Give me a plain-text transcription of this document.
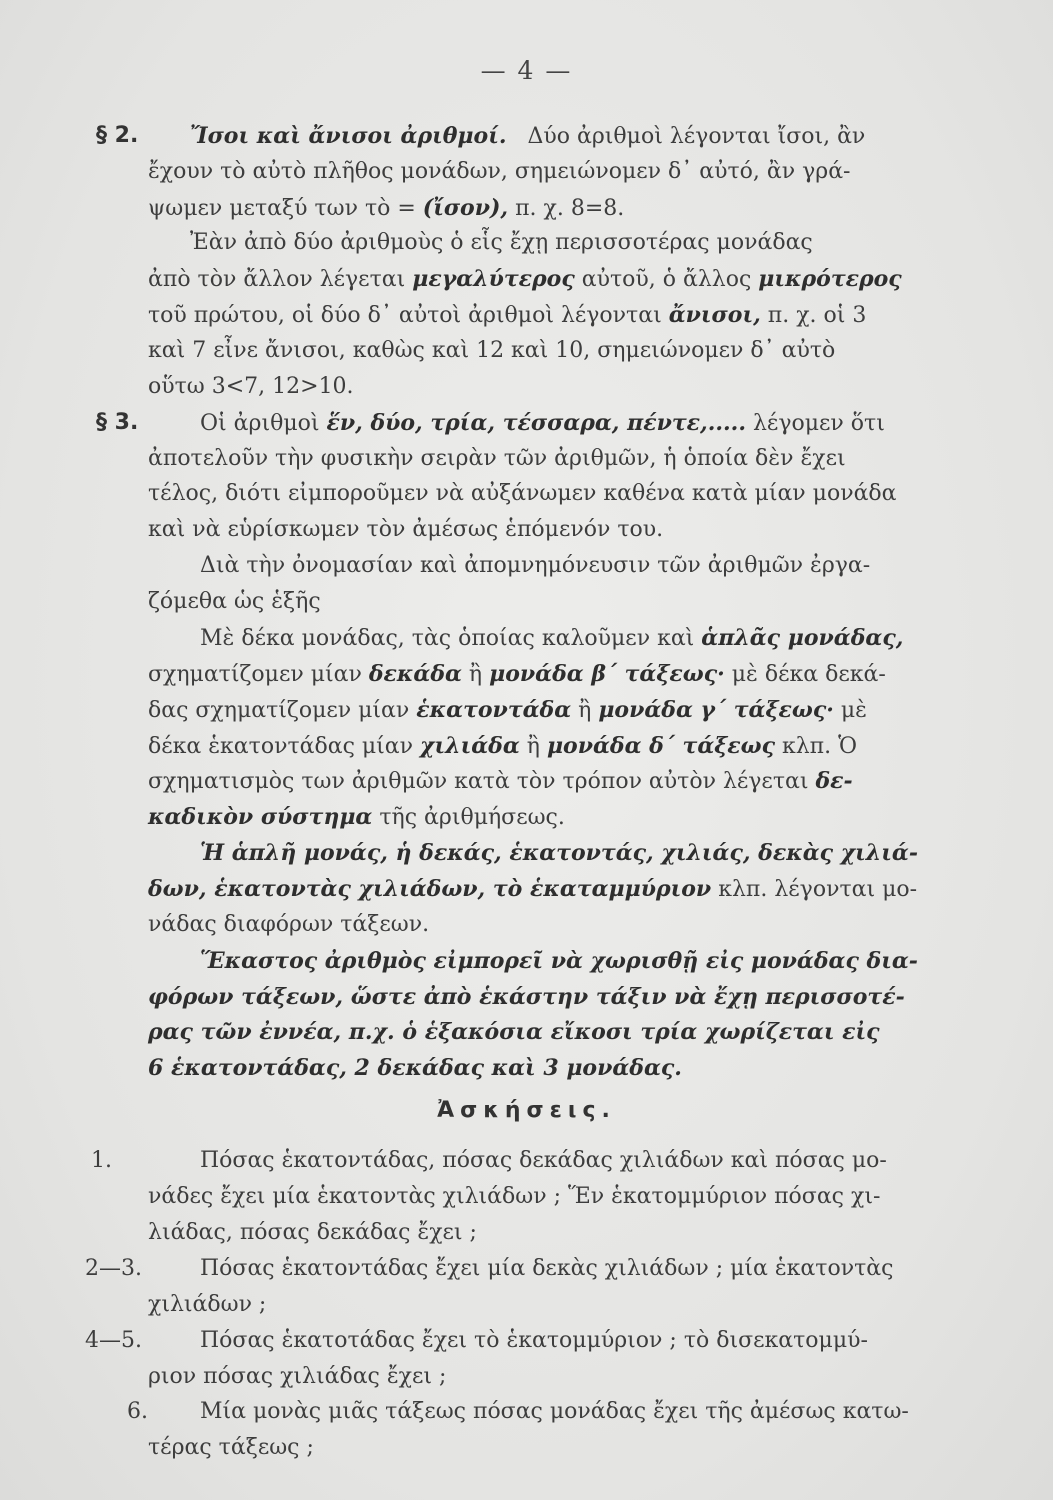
— 4 —
§ 2. Ἴσοι καὶ ἄνισοι ἀριθμοί. Δύο ἀριθμοὶ λέγονται ἴσοι, ἂν
ἔχουν τὸ αὐτὸ πλῆθος μονάδων, σημειώνομεν δ᾽ αὐτό, ἂν γρά-
ψωμεν μεταξύ των τὸ = (ἴσον), π. χ. 8=8.
Ἐὰν ἀπὸ δύο ἀριθμοὺς ὁ εἷς ἔχῃ περισσοτέρας μονάδας
ἀπὸ τὸν ἄλλον λέγεται μεγαλύτερος αὐτοῦ, ὁ ἄλλος μικρότερος
τοῦ πρώτου, οἱ δύο δ᾽ αὐτοὶ ἀριθμοὶ λέγονται ἄνισοι, π. χ. οἱ 3
καὶ 7 εἶνε ἄνισοι, καθὼς καὶ 12 καὶ 10, σημειώνομεν δ᾽ αὐτὸ
οὕτω 3<7, 12>10.
§ 3.	Οἱ ἀριθμοὶ ἕν, δύο, τρία, τέσσαρα, πέντε,..... λέγομεν ὅτι
ἀποτελοῦν τὴν φυσικὴν σειρὰν τῶν ἀριθμῶν, ἡ ὁποία δὲν ἔχει
τέλος, διότι εἰμποροῦμεν νὰ αὐξάνωμεν καθένα κατὰ μίαν μονάδα
καὶ νὰ εὑρίσκωμεν τὸν ἀμέσως ἑπόμενόν του.
Διὰ τὴν ὀνομασίαν καὶ ἀπομνημόνευσιν τῶν ἀριθμῶν ἐργα-
ζόμεθα ὡς ἑξῆς
Μὲ δέκα μονάδας, τὰς ὁποίας καλοῦμεν καὶ ἁπλᾶς μονάδας,
σχηματίζομεν μίαν δεκάδα ἢ μονάδα β΄ τάξεως· μὲ δέκα δεκά-
δας σχηματίζομεν μίαν ἑκατοντάδα ἢ μονάδα γ΄ τάξεως· μὲ
δέκα ἑκατοντάδας μίαν χιλιάδα ἢ μονάδα δ΄ τάξεως κλπ. Ὁ
σχηματισμὸς των ἀριθμῶν κατὰ τὸν τρόπον αὐτὸν λέγεται δε-
καδικὸν σύστημα τῆς ἀριθμήσεως.
Ἡ ἁπλῆ μονάς, ἡ δεκάς, ἑκατοντάς, χιλιάς, δεκὰς χιλιά-
δων, ἑκατοντὰς χιλιάδων, τὸ ἑκαταμμύριον κλπ. λέγονται μο-
νάδας διαφόρων τάξεων.
Ἕκαστος ἀριθμὸς εἰμπορεῖ νὰ χωρισθῇ εἰς μονάδας δια-
φόρων τάξεων, ὥστε ἀπὸ ἑκάστην τάξιν νὰ ἔχῃ περισσοτέ-
ρας τῶν ἐννέα, π.χ. ὁ ἑξακόσια εἴκοσι τρία χωρίζεται εἰς
6 ἑκατοντάδας, 2 δεκάδας καὶ 3 μονάδας.
Ἀσκήσεις.
1.	Πόσας ἑκατοντάδας, πόσας δεκάδας χιλιάδων καὶ πόσας μο-
νάδες ἔχει μία ἑκατοντὰς χιλιάδων ; Ἕν ἑκατομμύριον πόσας χι-
λιάδας, πόσας δεκάδας ἔχει ;
2—3.	Πόσας ἑκατοντάδας ἔχει μία δεκὰς χιλιάδων ; μία ἑκατοντὰς
χιλιάδων ;
4—5.	Πόσας ἑκατοτάδας ἔχει τὸ ἑκατομμύριον ; τὸ δισεκατομμύ-
ριον πόσας χιλιάδας ἔχει ;
6. Μία μονὰς μιᾶς τάξεως πόσας μονάδας ἔχει τῆς ἀμέσως κατω-
τέρας τάξεως ;
